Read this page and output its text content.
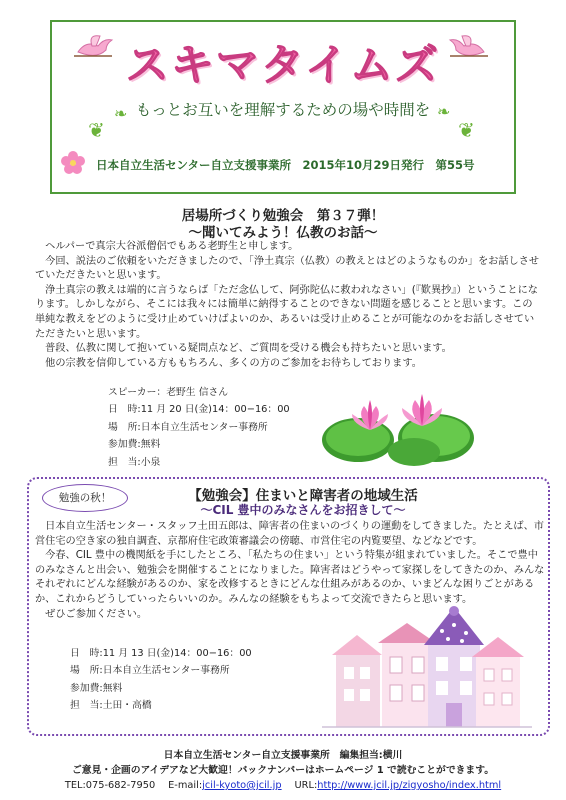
スキマタイムズ
❦
❧ もっとお互いを理解するための場や時間を ❧
❦
日本自立生活センター自立支援事業所　2015年10月29日発行　第55号
居場所づくり勉強会　第３７弾！
～聞いてみよう！仏教のお話～
　ヘルパーで真宗大谷派僧侶でもある老野生と申します。
　今回、説法のご依頼をいただきましたので、「浄土真宗（仏教）の教えとはどのようなものか」をお話しさせていただきたいと思います。
　浄土真宗の教えは端的に言うならば「ただ念仏して、阿弥陀仏に救われなさい」(『歎異抄』）ということになります。しかしながら、そこには我々には簡単に納得することのできない問題を感じることと思います。この単純な教えをどのように受け止めていけばよいのか、あるいは受け止めることが可能なのかをお話しさせていただきたいと思います。
　普段、仏教に関して抱いている疑問点など、ご質問を受ける機会も持ちたいと思います。
　他の宗教を信仰している方ももちろん、多くの方のご参加をお待ちしております。
スピーカー：老野生 信さん
日　時:11 月 20 日(金)14：00−16：00
場　所:日本自立生活センター事務所
参加費:無料
担　当:小泉
勉強の秋！	【勉強会】住まいと障害者の地域生活
～CIL 豊中のみなさんをお招きして～
　日本自立生活センター・スタッフ土田五郎は、障害者の住まいのづくりの運動をしてきました。たとえば、市営住宅の空き家の独自調査、京都府住宅政策審議会の傍聴、市営住宅の内覧要望、などなどです。
　今春、CIL 豊中の機関紙を手にしたところ、「私たちの住まい」という特集が組まれていました。そこで豊中のみなさんと出会い、勉強会を開催することになりました。障害者はどうやって家探しをしてきたのか、みんなそれぞれにどんな経験があるのか、家を改修するときにどんな仕組みがあるのか、いまどんな困りごとがあるか、これからどうしていったらいいのか。みんなの経験をもちよって交流できたらと思います。
　ぜひご参加ください。
日　時:11 月 13 日(金)14：00−16：00
場　所:日本自立生活センター事務所
参加費:無料
担　当:土田・高橋
日本自立生活センター自立支援事業所　編集担当:横川
ご意見・企画のアイデアなど大歓迎！バックナンバーはホームページ 1 で読むことができます。
TEL:075-682-7950　 E-mail:jcil-kyoto@jcil.jp　 URL:http://www.jcil.jp/zigyosho/index.html
